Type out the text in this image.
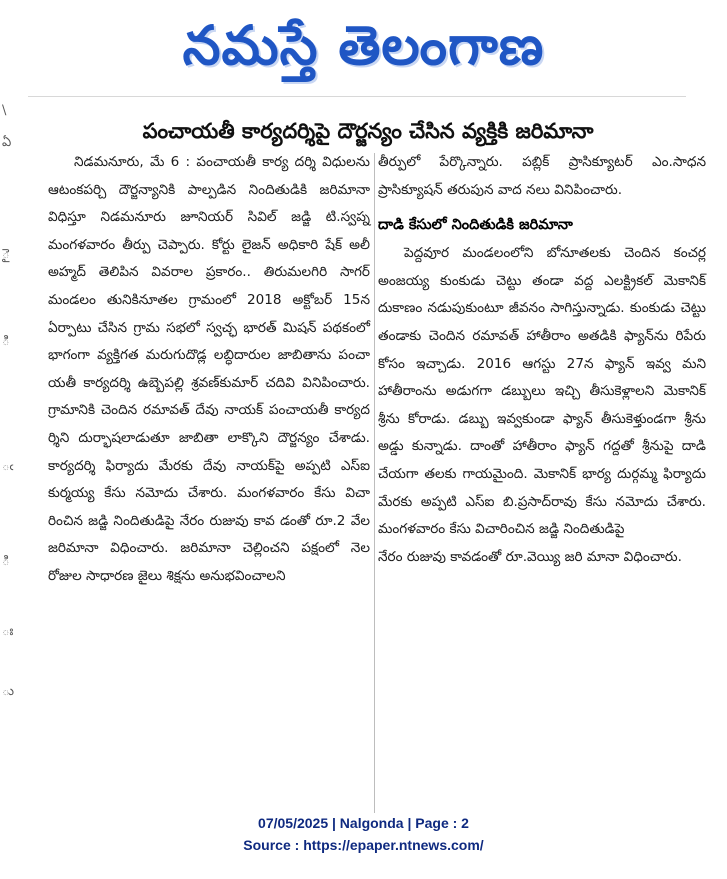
నమస్తే తెలంగాణ
\
ఏ
ై
ి
ఁ
ి
ః
ు
పంచాయతీ కార్యదర్శిపై దౌర్జన్యం చేసిన వ్యక్తికి జరిమానా

నిడమనూరు, మే 6 : పంచాయతీ కార్య దర్శి విధులను ఆటంకపర్చి దౌర్జన్యానికి పాల్పడిన నిందితుడికి జరిమానా విధిస్తూ నిడమనూరు జూనియర్ సివిల్ జడ్జి టి.స్వప్న మంగళవారం తీర్పు చెప్పారు. కోర్టు లైజన్ అధికారి షేక్ అలీ అహ్మద్ తెలిపిన వివరాల ప్రకారం.. తిరుమలగిరి సాగర్ మండలం తునికినూతల గ్రామంలో 2018 అక్టోబర్ 15న ఏర్పాటు చేసిన గ్రామ సభలో స్వచ్ఛ భారత్ మిషన్ పథకంలో భాగంగా వ్యక్తిగత మరుగుదొడ్ల లబ్ధిదారుల జాబితాను పంచా యతీ కార్యదర్శి ఉబ్బెపల్లి శ్రవణ్‌కుమార్ చదివి వినిపించారు. గ్రామానికి చెందిన రమావత్ దేవు నాయక్ పంచాయతీ కార్యద ర్శిని దుర్భాషలాడుతూ జాబితా లాక్కొని దౌర్జన్యం చేశాడు. కార్యదర్శి ఫిర్యాదు మేరకు దేవు నాయక్‌పై అప్పటి ఎస్ఐ కుర్మయ్య కేసు నమోదు చేశారు. మంగళవారం కేసు విచా రించిన జడ్జి నిందితుడిపై నేరం రుజువు కావ డంతో రూ.2 వేల జరిమానా విధించారు. జరిమానా చెల్లించని పక్షంలో నెల రోజుల సాధారణ జైలు శిక్షను అనుభవించాలని

తీర్పులో పేర్కొన్నారు. పబ్లిక్ ప్రాసిక్యూటర్ ఎం.సాధన ప్రాసిక్యూషన్ తరుపున వాద నలు వినిపించారు.

దాడి కేసులో నిందితుడికి జరిమానా

పెద్దవూర మండలంలోని బోనూతలకు చెందిన కంచర్ల అంజయ్య కుంకుడు చెట్టు తండా వద్ద ఎలక్ట్రికల్ మెకానిక్ దుకాణం నడుపుకుంటూ జీవనం సాగిస్తున్నాడు. కుంకుడు చెట్టు తండాకు చెందిన రమావత్ హాతీరాం అతడికి ఫ్యాన్‌ను రిపేరు కోసం ఇచ్చాడు. 2016 ఆగస్టు 27న ఫ్యాన్ ఇవ్వ మని హాతీరాంను అడుగగా డబ్బులు ఇచ్చి తీసుకెళ్లాలని మెకానిక్ శ్రీను కోరాడు. డబ్బు ఇవ్వకుండా ఫ్యాన్ తీసుకెళ్తుండగా శ్రీను అడ్డు కున్నాడు. దాంతో హాతీరాం ఫ్యాన్ గద్దతో శ్రీనుపై దాడి చేయగా తలకు గాయమైంది. మెకానిక్ భార్య దుర్గమ్మ ఫిర్యాదు మేరకు అప్పటి ఎస్ఐ బి.ప్రసాద్‌రావు కేసు నమోదు చేశారు. మంగళవారం కేసు విచారించిన జడ్జి నిందితుడిపై

నేరం రుజువు కావడంతో రూ.వెయ్యి జరి మానా విధించారు.

07/05/2025 | Nalgonda | Page : 2
Source : https://epaper.ntnews.com/
